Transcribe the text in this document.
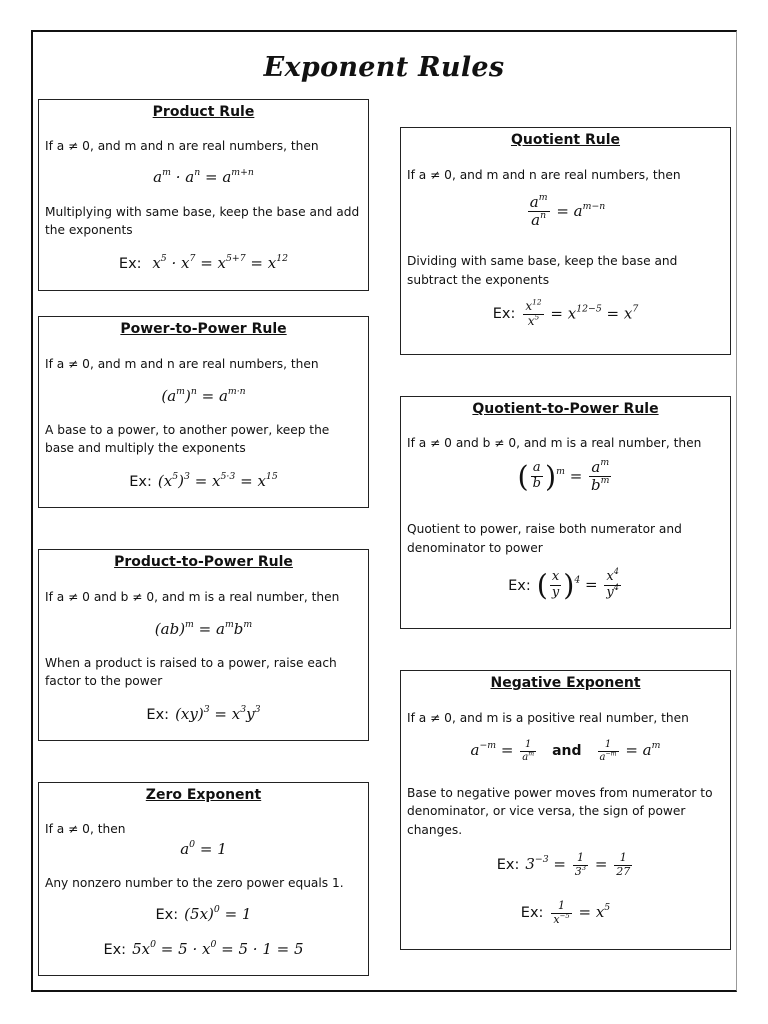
Exponent Rules
Product Rule
If a ≠ 0, and m and n are real numbers, then
$a^m \cdot a^n = a^{m+n}$
Multiplying with same base, keep the base and add
the exponents
Ex: $x^5 \cdot x^7 = x^{5+7} = x^{12}$
Power-to-Power Rule
If a ≠ 0, and m and n are real numbers, then
$(a^m)^n = a^{m\cdot n}$
A base to a power, to another power, keep the
base and multiply the exponents
Ex: $(x^5)^3 = x^{5\cdot 3} = x^{15}$
Product-to-Power Rule
If a ≠ 0 and b ≠ 0, and m is a real number, then
$(ab)^m = a^mb^m$
When a product is raised to a power, raise each
factor to the power
Ex: $(xy)^3 = x^3y^3$
Zero Exponent
If a ≠ 0, then
$a^0 = 1$
Any nonzero number to the zero power equals 1.
Ex: $(5x)^0 = 1$
Ex: $5x^0 = 5 \cdot x^0 = 5 \cdot 1 = 5$
Quotient Rule
If a ≠ 0, and m and n are real numbers, then
$\frac{a^m}{a^n} = a^{m-n}$
Dividing with same base, keep the base and
subtract the exponents
Ex: $\frac{x^{12}}{x^5} = x^{12-5} = x^7$
Quotient-to-Power Rule
If a ≠ 0 and b ≠ 0, and m is a real number, then
( $\frac{a}{b} )^m = \frac{a^m}{b^m}$
Quotient to power, raise both numerator and
denominator to power
Ex: ( $\frac{x}{y} )^4 = \frac{x^4}{y^4}$
Negative Exponent
If a ≠ 0, and m is a positive real number, then
$a^{-m} = \frac{1}{a^m}$ and $\frac{1}{a^{-m}} = a^m$
Base to negative power moves from numerator to
denominator, or vice versa, the sign of power
changes.
Ex: $3^{-3} = \frac{1}{3^3} = \frac{1}{27}$
Ex: $\frac{1}{x^{-5}} = x^5$
